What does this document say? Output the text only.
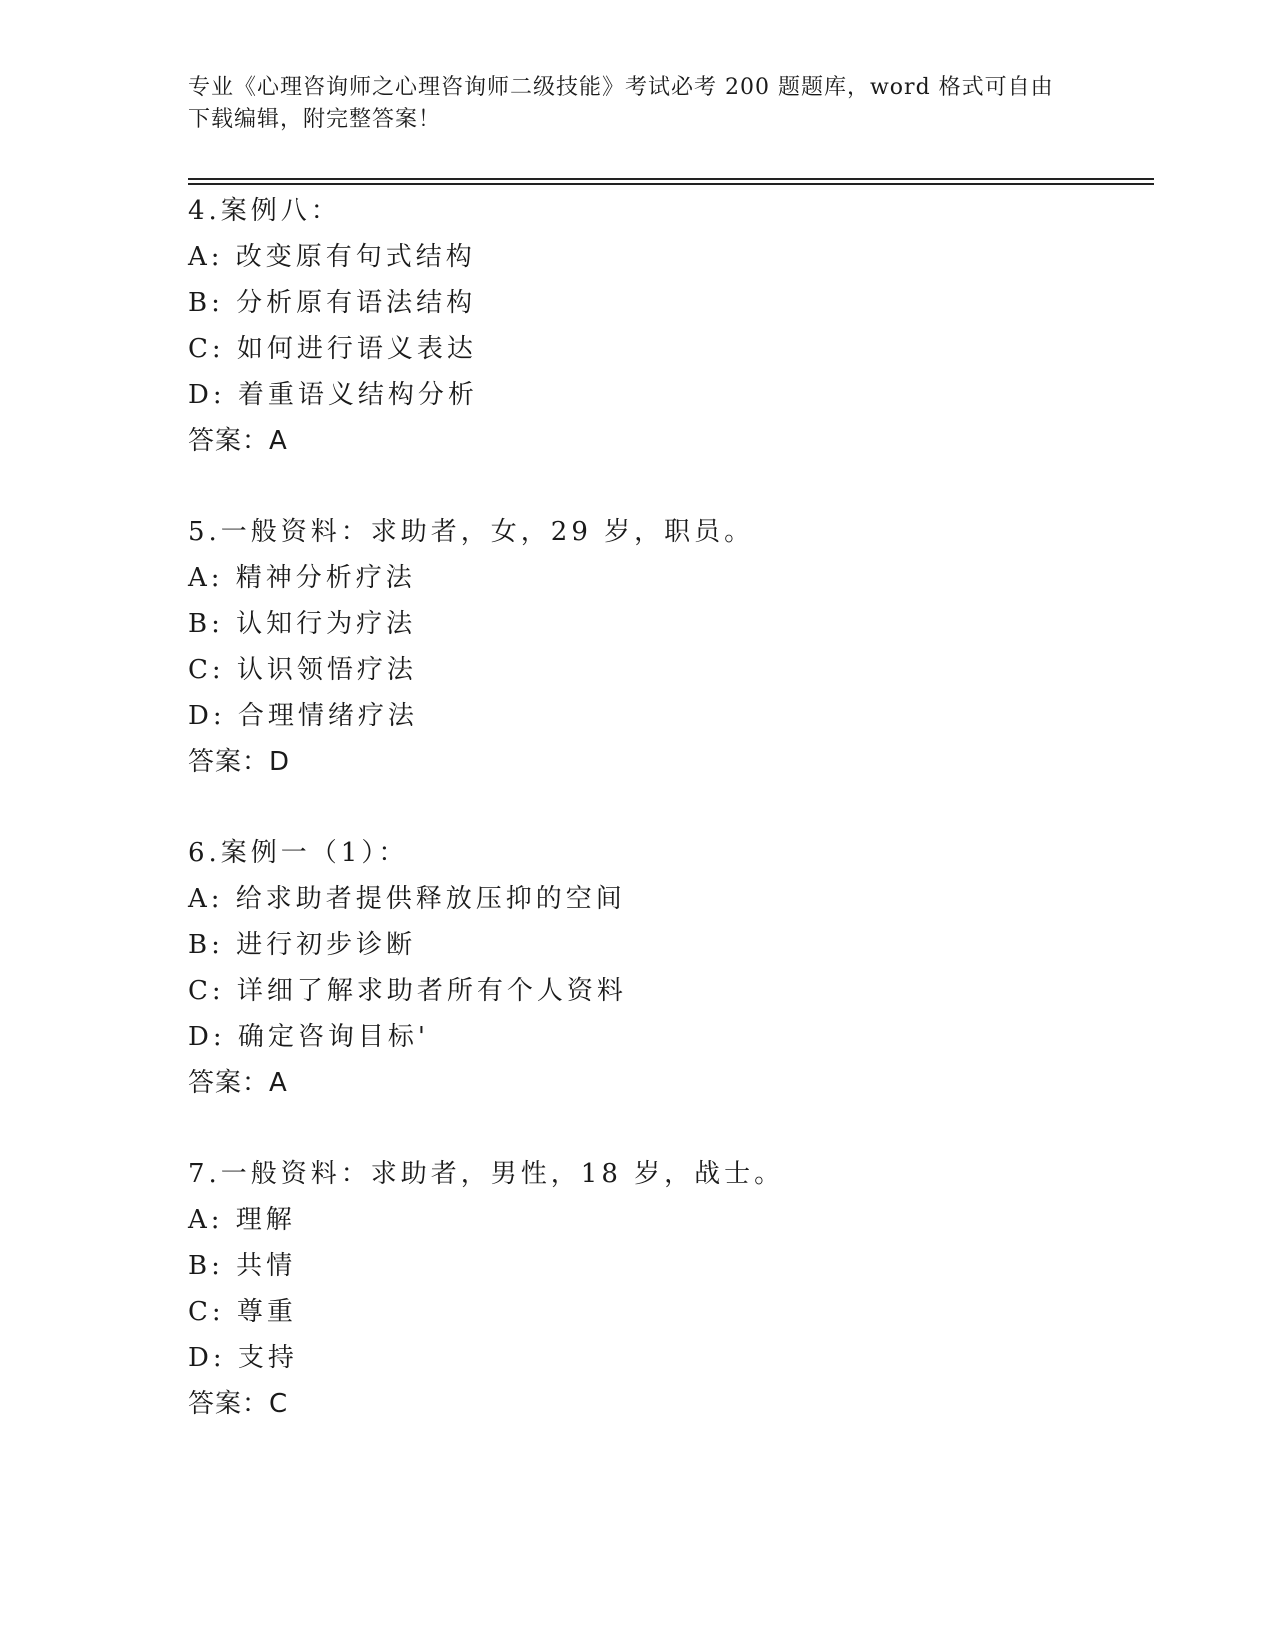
专业《心理咨询师之心理咨询师二级技能》考试必考 200 题题库，word 格式可自由下载编辑，附完整答案！
4.案例八：
A: 改变原有句式结构
B: 分析原有语法结构
C: 如何进行语义表达
D: 着重语义结构分析
答案：A
5.一般资料：求助者，女，29 岁，职员。
A: 精神分析疗法
B: 认知行为疗法
C: 认识领悟疗法
D: 合理情绪疗法
答案：D
6.案例一（1）：
A: 给求助者提供释放压抑的空间
B: 进行初步诊断
C: 详细了解求助者所有个人资料
D: 确定咨询目标'
答案：A
7.一般资料：求助者，男性，18 岁，战士。
A: 理解
B: 共情
C: 尊重
D: 支持
答案：C
